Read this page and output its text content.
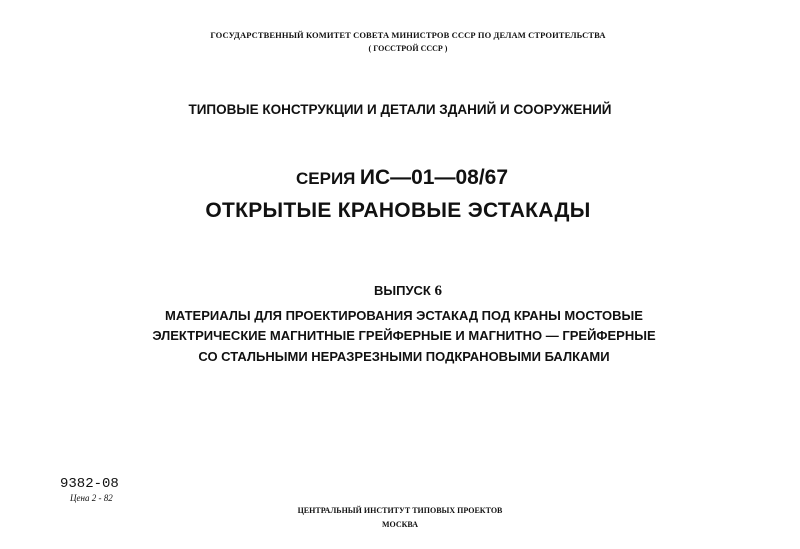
ГОСУДАРСТВЕННЫЙ КОМИТЕТ СОВЕТА МИНИСТРОВ СССР ПО ДЕЛАМ СТРОИТЕЛЬСТВА
( ГОССТРОЙ СССР )
ТИПОВЫЕ КОНСТРУКЦИИ И ДЕТАЛИ ЗДАНИЙ И СООРУЖЕНИЙ
СЕРИЯ ИС—01—08/67
ОТКРЫТЫЕ КРАНОВЫЕ ЭСТАКАДЫ
ВЫПУСК 6
МАТЕРИАЛЫ ДЛЯ ПРОЕКТИРОВАНИЯ ЭСТАКАД ПОД КРАНЫ МОСТОВЫЕ
ЭЛЕКТРИЧЕСКИЕ МАГНИТНЫЕ ГРЕЙФЕРНЫЕ И МАГНИТНО — ГРЕЙФЕРНЫЕ
СО СТАЛЬНЫМИ НЕРАЗРЕЗНЫМИ ПОДКРАНОВЫМИ БАЛКАМИ
9382-08
Цена 2 - 82
ЦЕНТРАЛЬНЫЙ ИНСТИТУТ ТИПОВЫХ ПРОЕКТОВ
МОСКВА
